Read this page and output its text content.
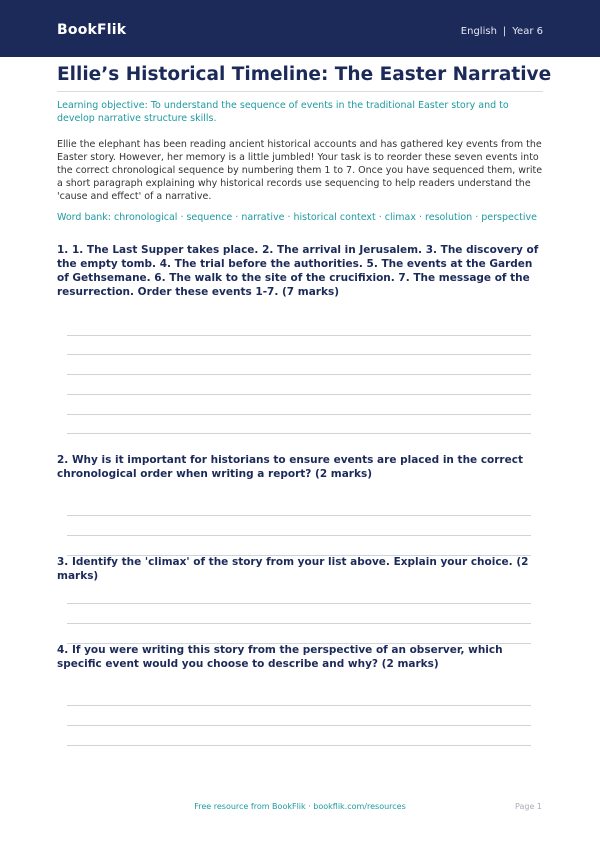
BookFlik	English | Year 6
Ellie’s Historical Timeline: The Easter Narrative
Learning objective: To understand the sequence of events in the traditional Easter story and to develop narrative structure skills.
Ellie the elephant has been reading ancient historical accounts and has gathered key events from the Easter story. However, her memory is a little jumbled! Your task is to reorder these seven events into the correct chronological sequence by numbering them 1 to 7. Once you have sequenced them, write a short paragraph explaining why historical records use sequencing to help readers understand the 'cause and effect' of a narrative.
Word bank: chronological · sequence · narrative · historical context · climax · resolution · perspective
1. 1. The Last Supper takes place. 2. The arrival in Jerusalem. 3. The discovery of the empty tomb. 4. The trial before the authorities. 5. The events at the Garden of Gethsemane. 6. The walk to the site of the crucifixion. 7. The message of the resurrection. Order these events 1-7. (7 marks)
2. Why is it important for historians to ensure events are placed in the correct chronological order when writing a report? (2 marks)
3. Identify the 'climax' of the story from your list above. Explain your choice. (2 marks)
4. If you were writing this story from the perspective of an observer, which specific event would you choose to describe and why? (2 marks)
Free resource from BookFlik · bookflik.com/resources	Page 1
